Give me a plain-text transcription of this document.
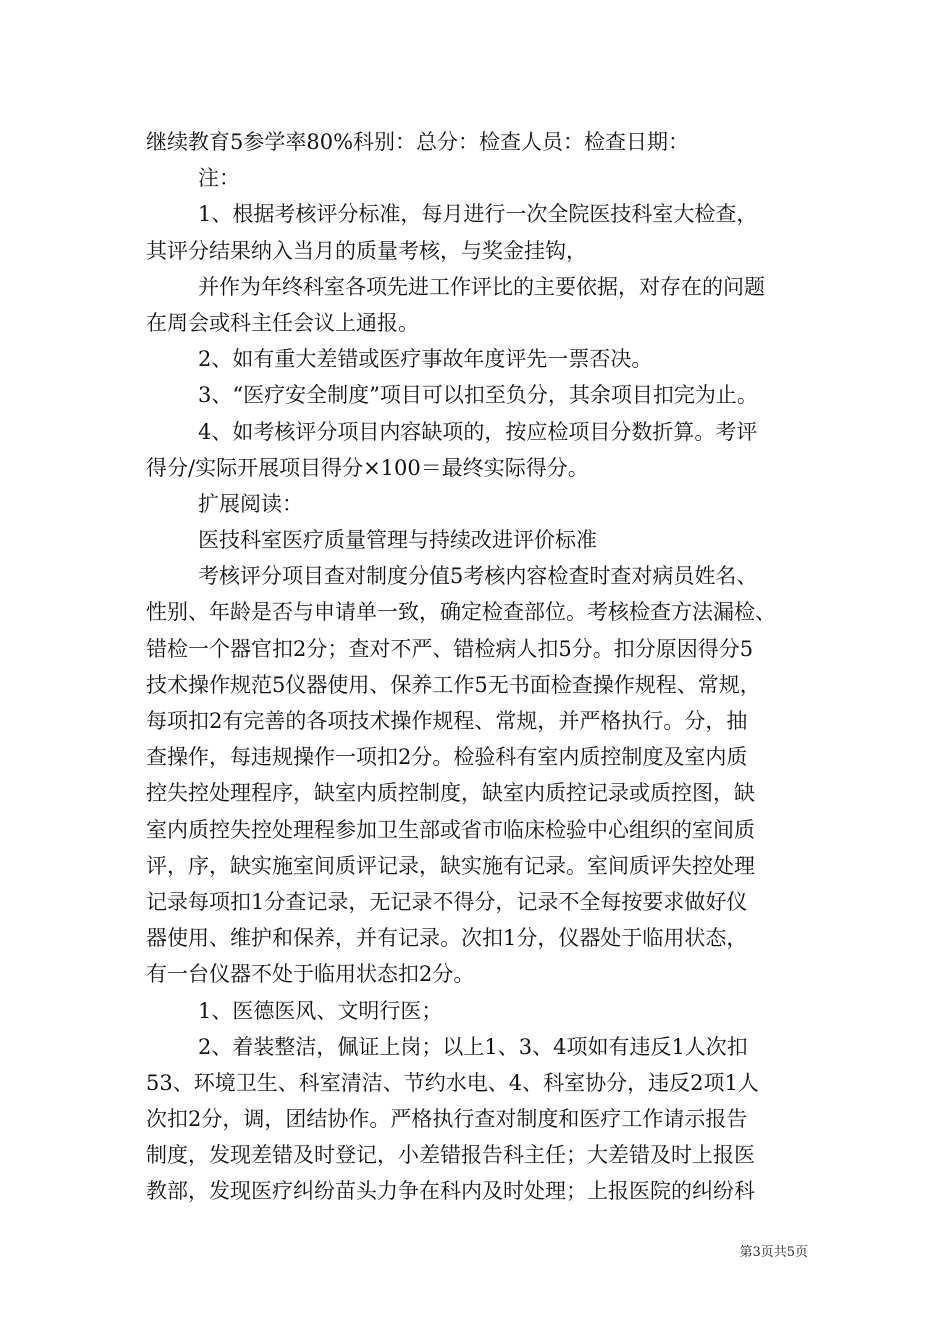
继续教育5参学率80%科别：总分：检查人员：检查日期：
注：
1、根据考核评分标准，每月进行一次全院医技科室大检查，
其评分结果纳入当月的质量考核，与奖金挂钩，
并作为年终科室各项先进工作评比的主要依据，对存在的问题
在周会或科主任会议上通报。
2、如有重大差错或医疗事故年度评先一票否决。
3、“医疗安全制度”项目可以扣至负分，其余项目扣完为止。
4、如考核评分项目内容缺项的，按应检项目分数折算。考评
得分/实际开展项目得分×100＝最终实际得分。
扩展阅读：
医技科室医疗质量管理与持续改进评价标准
考核评分项目查对制度分值5考核内容检查时查对病员姓名、
性别、年龄是否与申请单一致，确定检查部位。考核检查方法漏检、
错检一个器官扣2分；查对不严、错检病人扣5分。扣分原因得分5
技术操作规范5仪器使用、保养工作5无书面检查操作规程、常规，
每项扣2有完善的各项技术操作规程、常规，并严格执行。分，抽
查操作，每违规操作一项扣2分。检验科有室内质控制度及室内质
控失控处理程序，缺室内质控制度，缺室内质控记录或质控图，缺
室内质控失控处理程参加卫生部或省市临床检验中心组织的室间质
评，序，缺实施室间质评记录，缺实施有记录。室间质评失控处理
记录每项扣1分查记录，无记录不得分，记录不全每按要求做好仪
器使用、维护和保养，并有记录。次扣1分，仪器处于临用状态，
有一台仪器不处于临用状态扣2分。
1、医德医风、文明行医；
2、着装整洁，佩证上岗；以上1、3、4项如有违反1人次扣
53、环境卫生、科室清洁、节约水电、4、科室协分，违反2项1人
次扣2分，调，团结协作。严格执行查对制度和医疗工作请示报告
制度，发现差错及时登记，小差错报告科主任；大差错及时上报医
教部，发现医疗纠纷苗头力争在科内及时处理；上报医院的纠纷科
第3页共5页
